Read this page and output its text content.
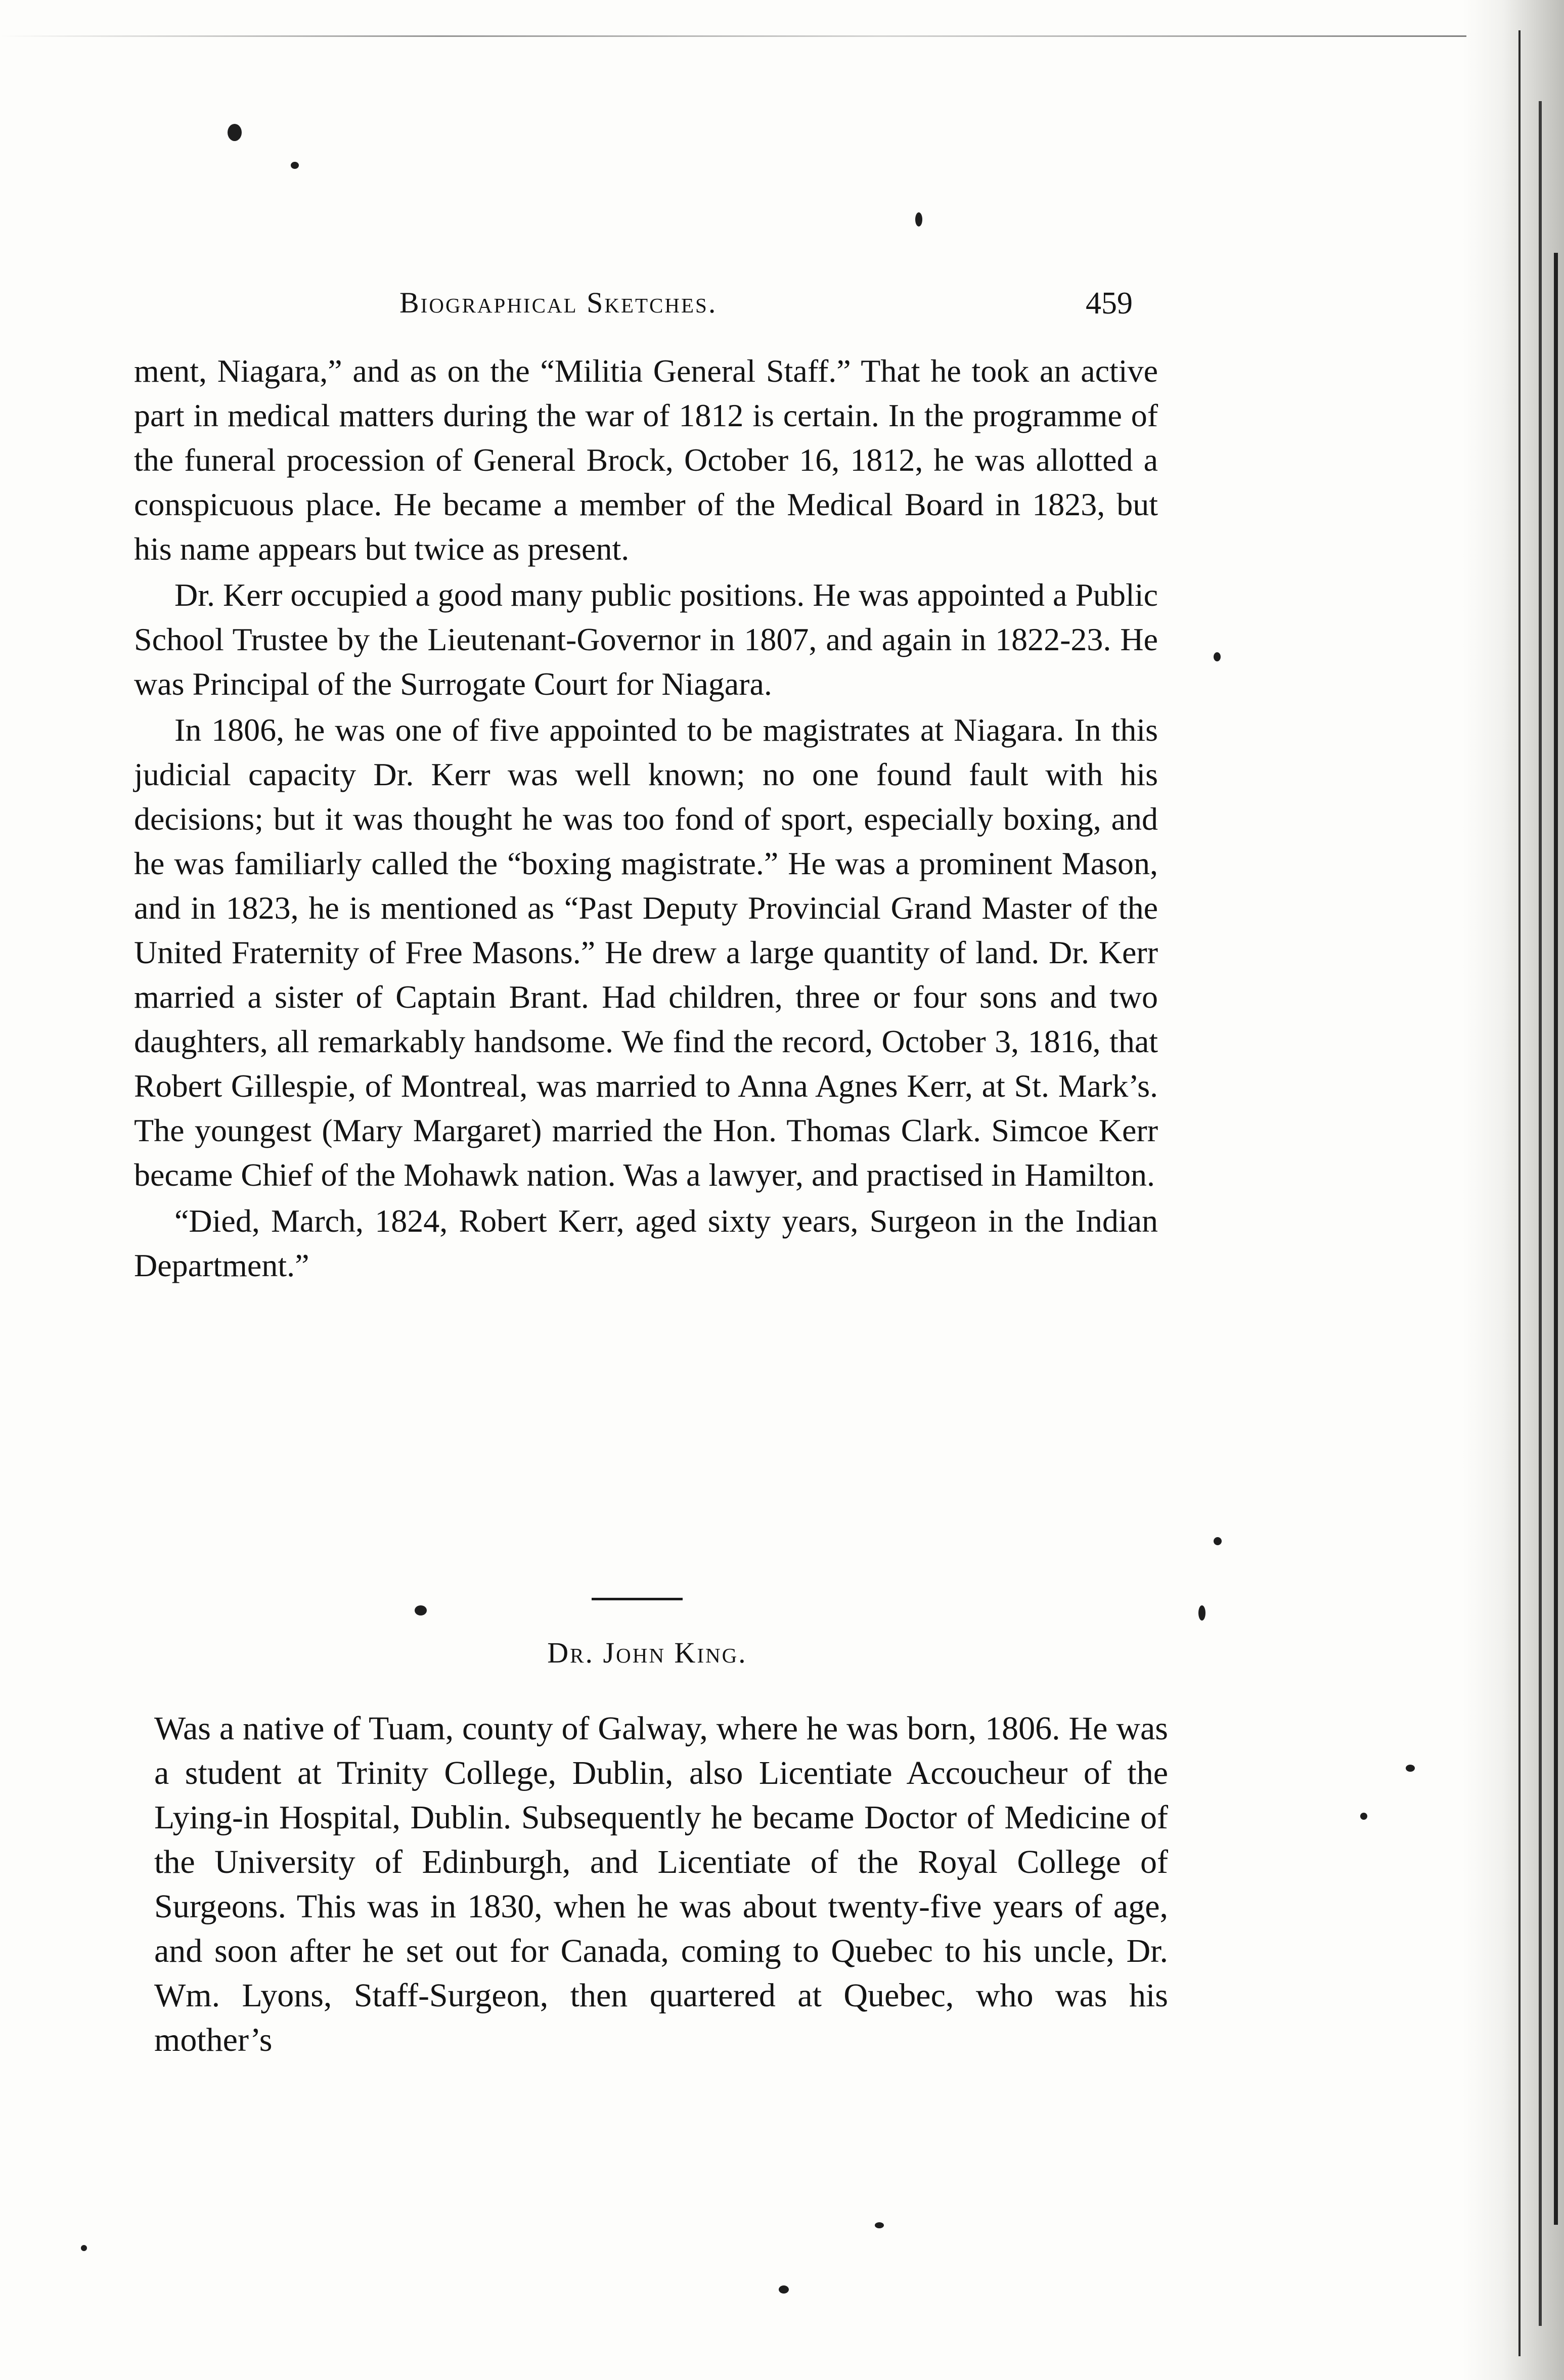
Biographical Sketches.	459

ment, Niagara,” and as on the “Militia General Staff.” That he took an active part in medical matters during the war of 1812 is certain. In the programme of the funeral procession of General Brock, October 16, 1812, he was allotted a conspicuous place. He became a member of the Medical Board in 1823, but his name appears but twice as present.

Dr. Kerr occupied a good many public positions. He was appointed a Public School Trustee by the Lieutenant-Governor in 1807, and again in 1822-23. He was Principal of the Surrogate Court for Niagara.

In 1806, he was one of five appointed to be magistrates at Niagara. In this judicial capacity Dr. Kerr was well known; no one found fault with his decisions; but it was thought he was too fond of sport, especially boxing, and he was familiarly called the “boxing magistrate.” He was a prominent Mason, and in 1823, he is mentioned as “Past Deputy Provincial Grand Master of the United Fraternity of Free Masons.” He drew a large quantity of land. Dr. Kerr married a sister of Captain Brant. Had children, three or four sons and two daughters, all remarkably handsome. We find the record, October 3, 1816, that Robert Gillespie, of Montreal, was married to Anna Agnes Kerr, at St. Mark’s. The youngest (Mary Margaret) married the Hon. Thomas Clark. Simcoe Kerr became Chief of the Mohawk nation. Was a lawyer, and practised in Hamilton.

“Died, March, 1824, Robert Kerr, aged sixty years, Surgeon in the Indian Department.”

Dr. John King.

Was a native of Tuam, county of Galway, where he was born, 1806. He was a student at Trinity College, Dublin, also Licentiate Accoucheur of the Lying-in Hospital, Dublin. Subsequently he became Doctor of Medicine of the University of Edinburgh, and Licentiate of the Royal College of Surgeons. This was in 1830, when he was about twenty-five years of age, and soon after he set out for Canada, coming to Quebec to his uncle, Dr. Wm. Lyons, Staff-Surgeon, then quartered at Quebec, who was his mother’s
